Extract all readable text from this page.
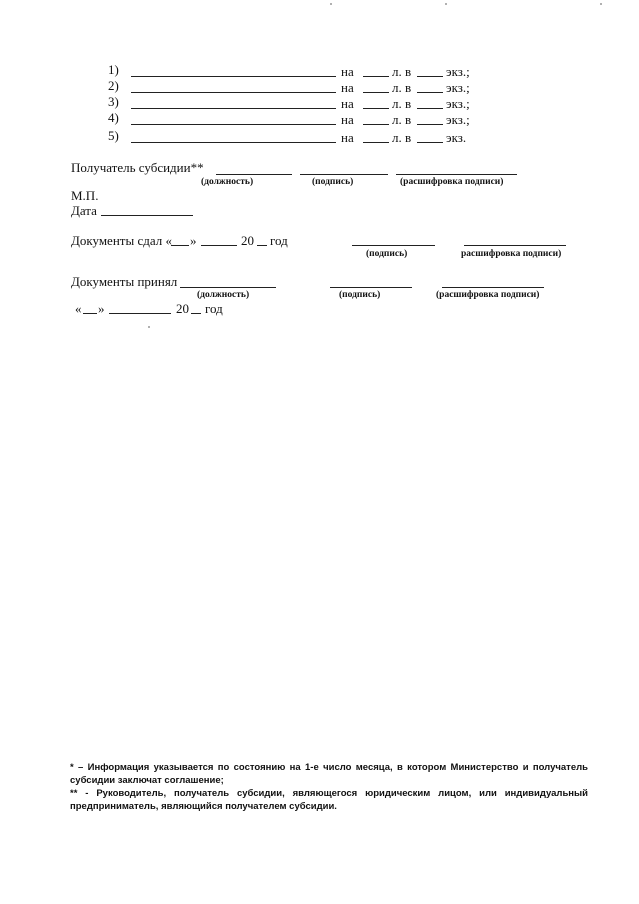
1)	на	л. в	экз.;
2)	на	л. в	экз.;
3)	на	л. в	экз.;
4)	на	л. в	экз.;
5)	на	л. в	экз.
Получатель субсидии**
(должность)	(подпись)	(расшифровка подписи)
М.П.
Дата
Документы сдал « »	20 год
(подпись)	расшифровка подписи)
Документы принял
(должность)	(подпись)	(расшифровка подписи)
« »	20 год
* – Информация указывается по состоянию на 1-е число месяца, в котором Министерство и получатель субсидии заключат соглашение;
** - Руководитель, получатель субсидии, являющегося юридическим лицом, или индивидуальный предприниматель, являющийся получателем субсидии.
